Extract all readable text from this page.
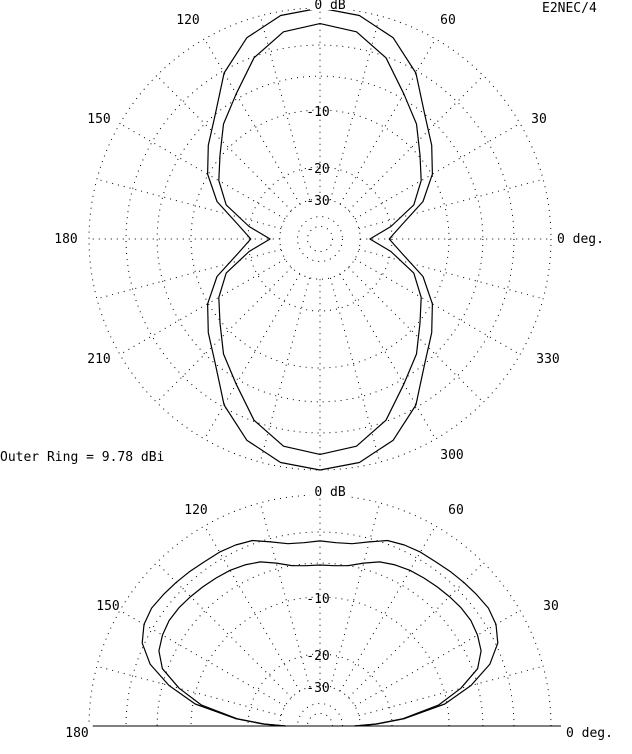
E2NEC/4
Outer Ring = 9.78 dBi
0 deg.
30
60
120
150
180
210
300
330
0 dB
-10
-20
-30
0 deg.
30
60
120
150
180
0 dB
-10
-20
-30
